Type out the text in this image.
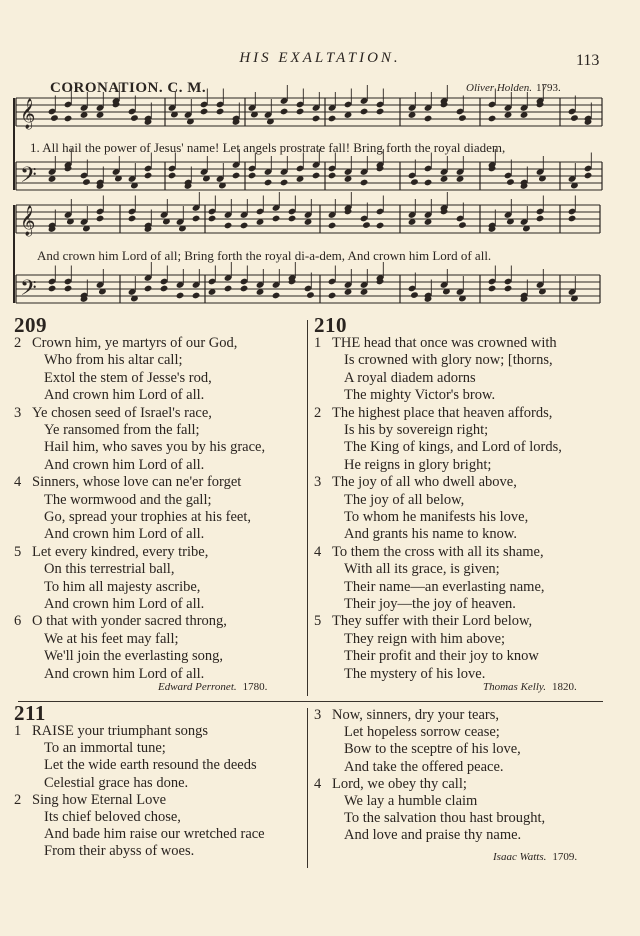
HIS EXALTATION.	113
CORONATION. C. M.	Oliver Holden. 1793.
𝄞
𝄢
𝄞
𝄢
1. All hail the power of Jesus' name! Let angels prostrate fall! Bring forth the royal diadem,
And crown him Lord of all; Bring forth the royal di-a-dem, And crown him Lord of all.
209
2 Crown him, ye martyrs of our God,
Who from his altar call;
Extol the stem of Jesse's rod,
And crown him Lord of all.
3 Ye chosen seed of Israel's race,
Ye ransomed from the fall;
Hail him, who saves you by his grace,
And crown him Lord of all.
4 Sinners, whose love can ne'er forget
The wormwood and the gall;
Go, spread your trophies at his feet,
And crown him Lord of all.
5 Let every kindred, every tribe,
On this terrestrial ball,
To him all majesty ascribe,
And crown him Lord of all.
6 O that with yonder sacred throng,
We at his feet may fall;
We'll join the everlasting song,
And crown him Lord of all.
Edward Perronet. 1780.
210
1 THE head that once was crowned with
Is crowned with glory now; [thorns,
A royal diadem adorns
The mighty Victor's brow.
2 The highest place that heaven affords,
Is his by sovereign right;
The King of kings, and Lord of lords,
He reigns in glory bright;
3 The joy of all who dwell above,
The joy of all below,
To whom he manifests his love,
And grants his name to know.
4 To them the cross with all its shame,
With all its grace, is given;
Their name—an everlasting name,
Their joy—the joy of heaven.
5 They suffer with their Lord below,
They reign with him above;
Their profit and their joy to know
The mystery of his love.
Thomas Kelly. 1820.
211
1 RAISE your triumphant songs
To an immortal tune;
Let the wide earth resound the deeds
Celestial grace has done.
2 Sing how Eternal Love
Its chief beloved chose,
And bade him raise our wretched race
From their abyss of woes.
3 Now, sinners, dry your tears,
Let hopeless sorrow cease;
Bow to the sceptre of his love,
And take the offered peace.
4 Lord, we obey thy call;
We lay a humble claim
To the salvation thou hast brought,
And love and praise thy name.
Isaac Watts. 1709.
